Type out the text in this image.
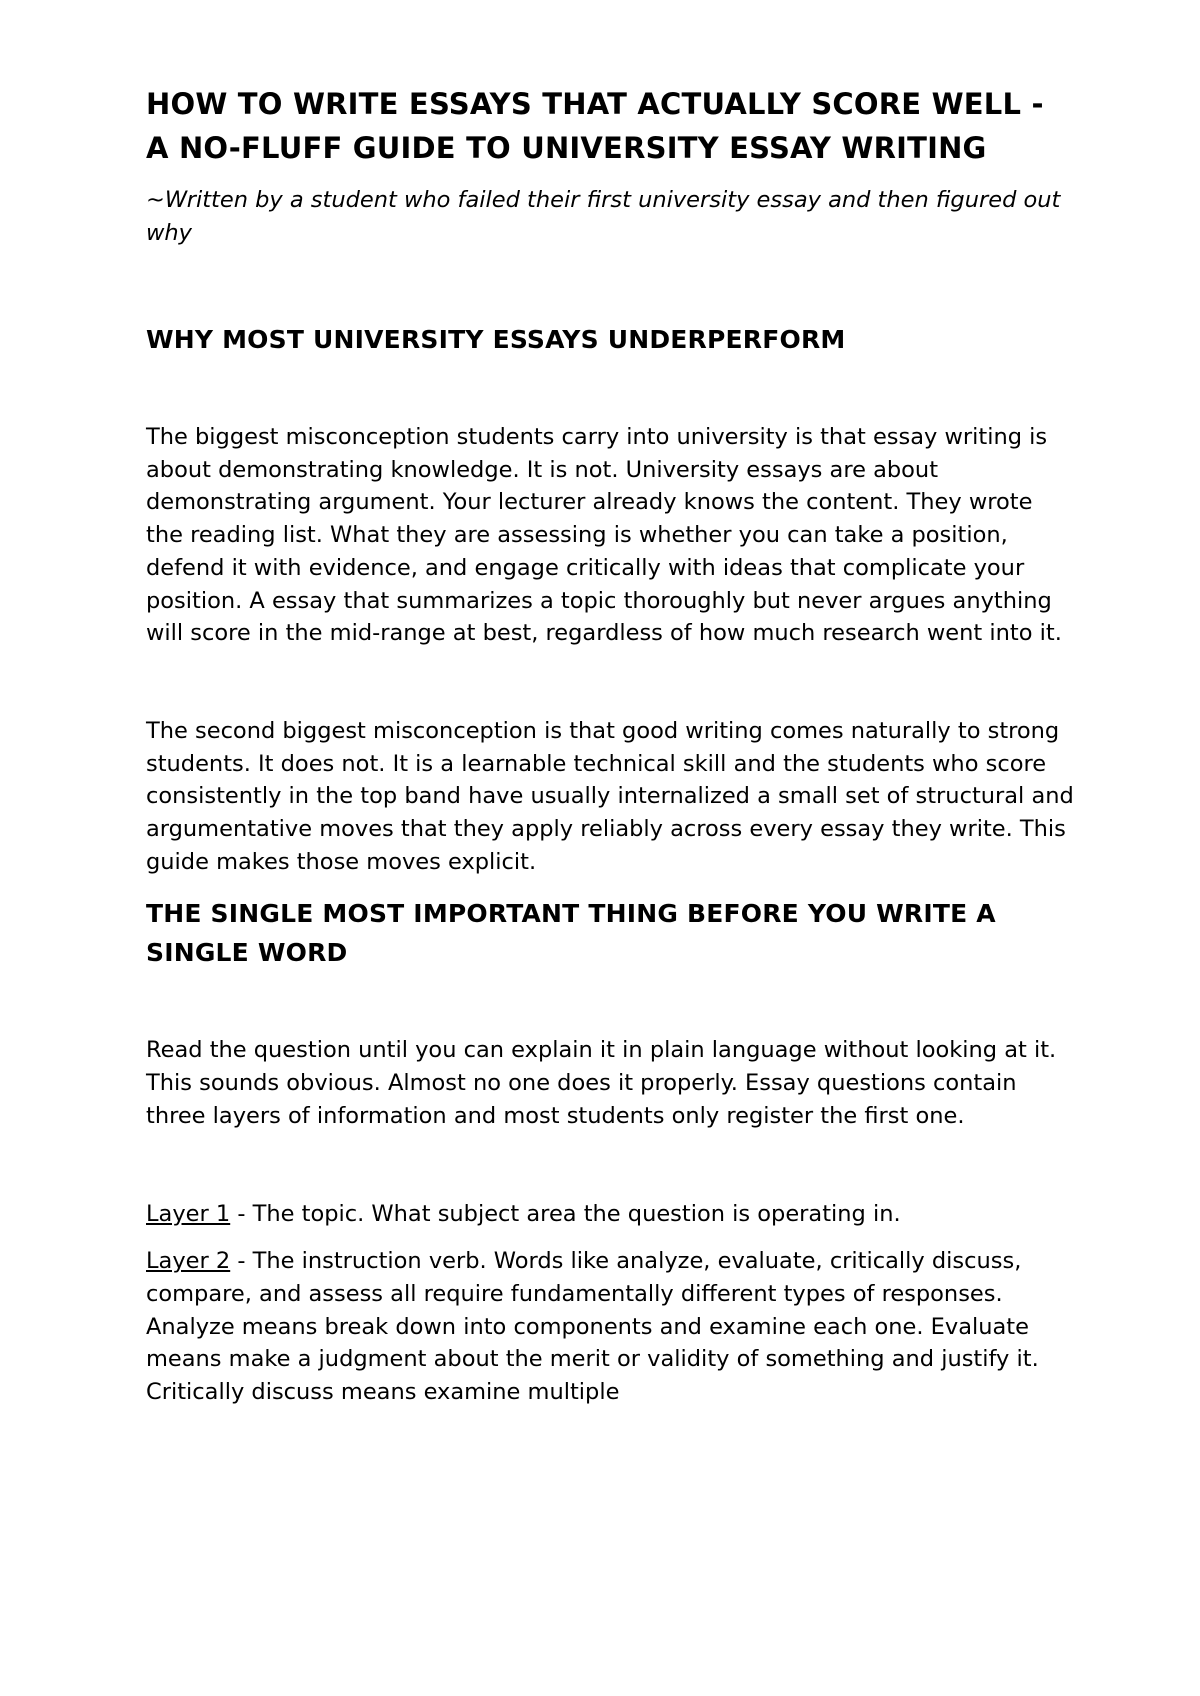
HOW TO WRITE ESSAYS THAT ACTUALLY SCORE WELL - A NO-FLUFF GUIDE TO UNIVERSITY ESSAY WRITING

~Written by a student who failed their first university essay and then figured out why

WHY MOST UNIVERSITY ESSAYS UNDERPERFORM

The biggest misconception students carry into university is that essay writing is about demonstrating knowledge. It is not. University essays are about demonstrating argument. Your lecturer already knows the content. They wrote the reading list. What they are assessing is whether you can take a position, defend it with evidence, and engage critically with ideas that complicate your position. A essay that summarizes a topic thoroughly but never argues anything will score in the mid-range at best, regardless of how much research went into it.

The second biggest misconception is that good writing comes naturally to strong students. It does not. It is a learnable technical skill and the students who score consistently in the top band have usually internalized a small set of structural and argumentative moves that they apply reliably across every essay they write. This guide makes those moves explicit.

THE SINGLE MOST IMPORTANT THING BEFORE YOU WRITE A SINGLE WORD

Read the question until you can explain it in plain language without looking at it. This sounds obvious. Almost no one does it properly. Essay questions contain three layers of information and most students only register the first one.

Layer 1 - The topic. What subject area the question is operating in.

Layer 2 - The instruction verb. Words like analyze, evaluate, critically discuss, compare, and assess all require fundamentally different types of responses. Analyze means break down into components and examine each one. Evaluate means make a judgment about the merit or validity of something and justify it. Critically discuss means examine multiple
